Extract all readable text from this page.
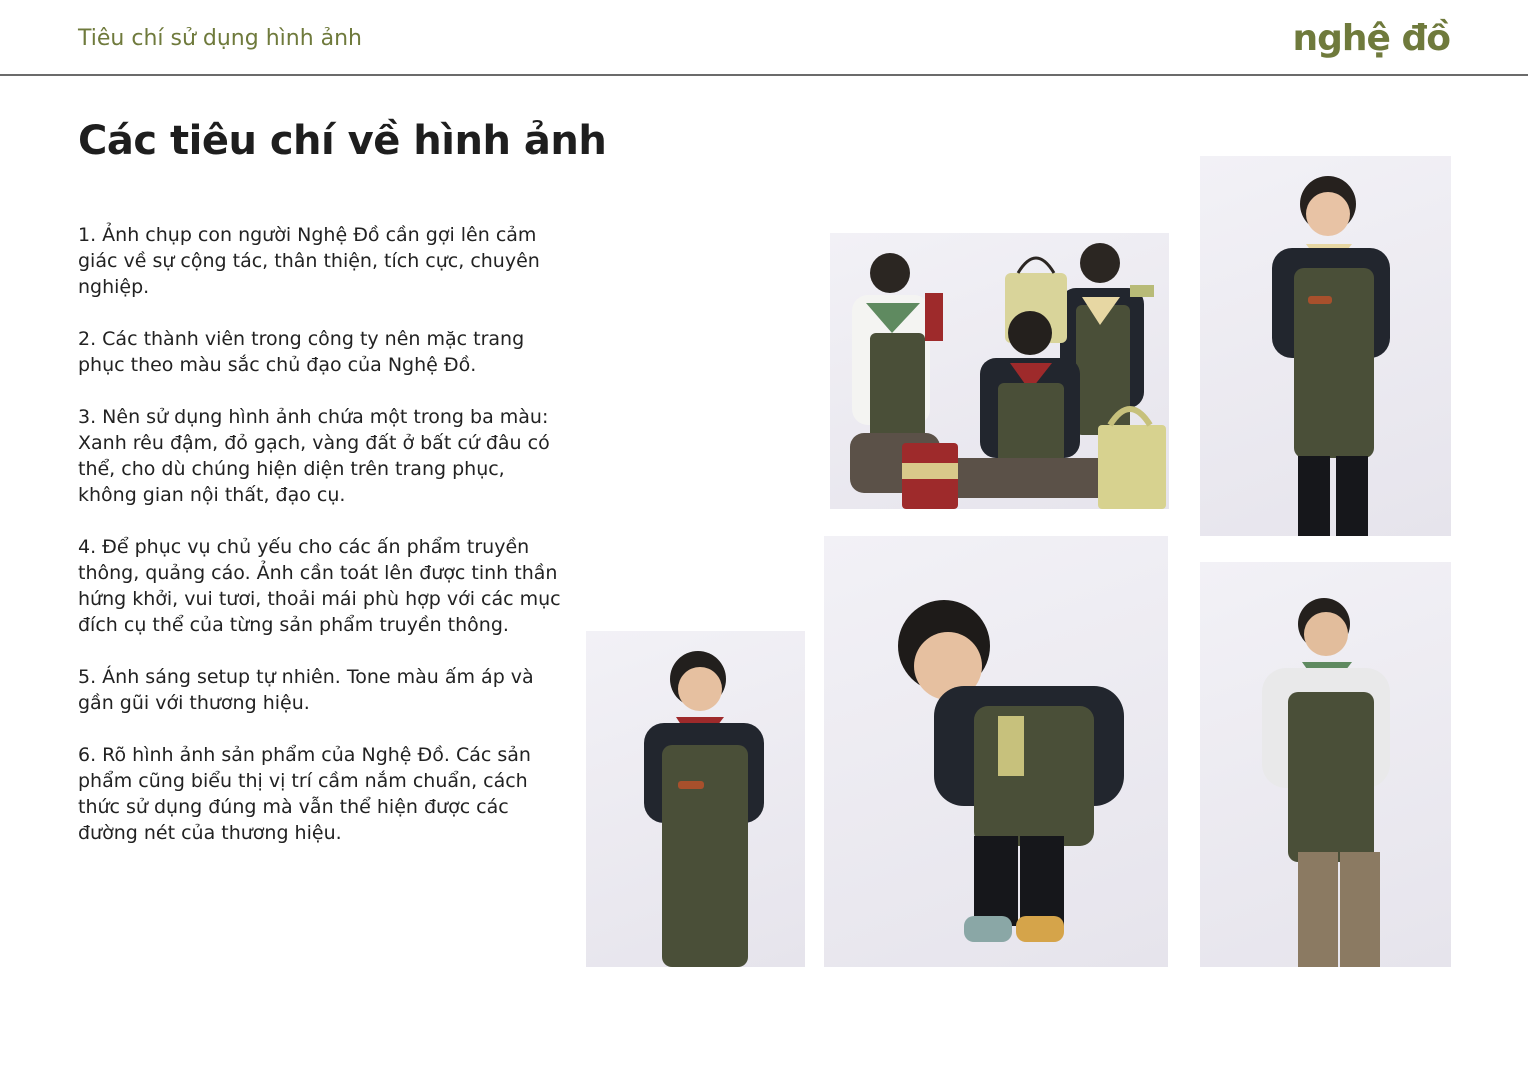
Tiêu chí sử dụng hình ảnh	nghệ đồ
Các tiêu chí về hình ảnh
1. Ảnh chụp con người Nghệ Đồ cần gợi lên cảm giác về sự cộng tác, thân thiện, tích cực, chuyên nghiệp.
2. Các thành viên trong công ty nên mặc trang phục theo màu sắc chủ đạo của Nghệ Đồ.
3. Nên sử dụng hình ảnh chứa một trong ba màu: Xanh rêu đậm, đỏ gạch, vàng đất ở bất cứ đâu có thể, cho dù chúng hiện diện trên trang phục, không gian nội thất, đạo cụ.
4. Để phục vụ chủ yếu cho các ấn phẩm truyền thông, quảng cáo. Ảnh cần toát lên được tinh thần hứng khởi, vui tươi, thoải mái phù hợp với các mục đích cụ thể của từng sản phẩm truyền thông.
5. Ánh sáng setup tự nhiên. Tone màu ấm áp và gần gũi với thương hiệu.
6. Rõ hình ảnh sản phẩm của Nghệ Đồ. Các sản phẩm cũng biểu thị vị trí cầm nắm chuẩn, cách thức sử dụng đúng mà vẫn thể hiện được các đường nét của thương hiệu.
